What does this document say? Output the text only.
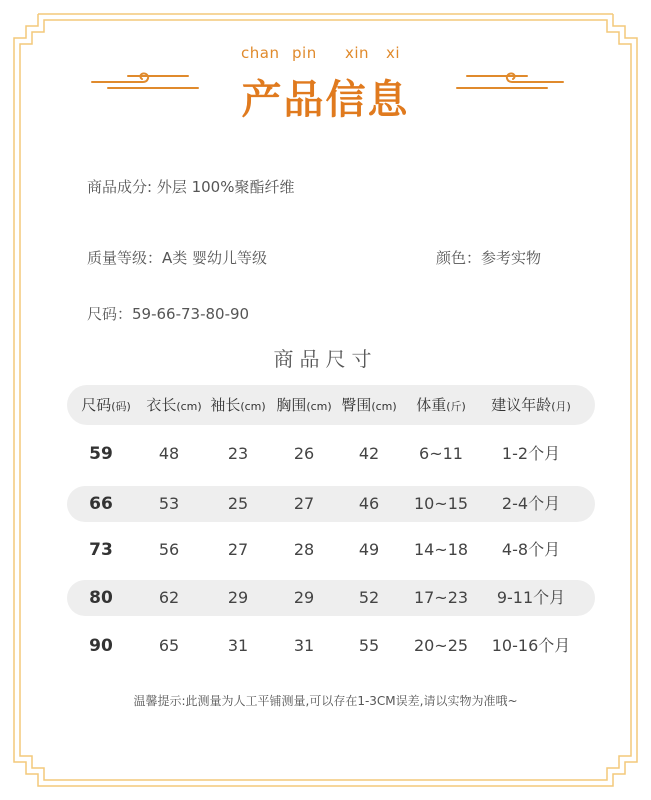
chan pin xin xi
产品信息
商品成分: 外层 100%聚酯纤维
质量等级：A类 婴幼儿等级	颜色：参考实物
尺码：59-66-73-80-90
商品尺寸
尺码(码) 衣长(cm) 袖长(cm) 胸围(cm) 臀围(cm) 体重(斤) 建议年龄(月)
59	48	23	26	42 6~11 1-2个月
66	53	25	27	46 10~15 2-4个月
73	56	27	28	49 14~18 4-8个月
80	62	29	29	52 17~23 9-11个月
90	65	31	31	55 20~25 10-16个月
温馨提示:此测量为人工平铺测量,可以存在1-3CM误差,请以实物为准哦~
